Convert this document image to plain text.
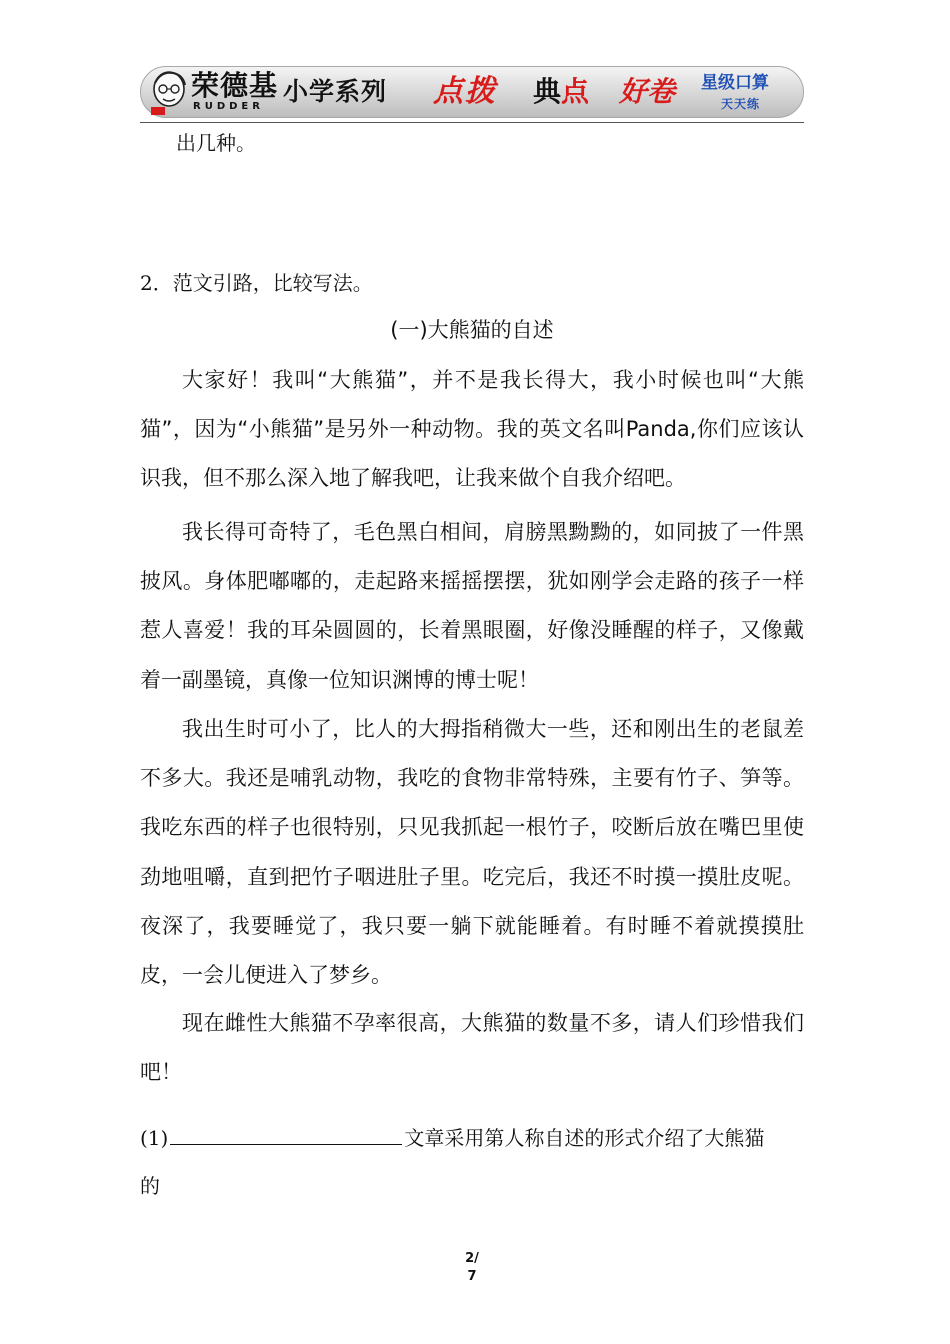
荣德基
RUDDER
小学系列 点拨 典点 好卷 星级口算
天天练
出几种。
2．范文引路，比较写法。
(一)大熊猫的自述

大家好！我叫“大熊猫”，并不是我长得大，我小时候也叫“大熊猫”，因为“小熊猫”是另外一种动物。我的英文名叫Panda,你们应该认识我，但不那么深入地了解我吧，让我来做个自我介绍吧。

我长得可奇特了，毛色黑白相间，肩膀黑黝黝的，如同披了一件黑披风。身体肥嘟嘟的，走起路来摇摇摆摆，犹如刚学会走路的孩子一样惹人喜爱！我的耳朵圆圆的，长着黑眼圈，好像没睡醒的样子，又像戴着一副墨镜，真像一位知识渊博的博士呢！

我出生时可小了，比人的大拇指稍微大一些，还和刚出生的老鼠差不多大。我还是哺乳动物，我吃的食物非常特殊，主要有竹子、笋等。我吃东西的样子也很特别，只见我抓起一根竹子，咬断后放在嘴巴里使劲地咀嚼，直到把竹子咽进肚子里。吃完后，我还不时摸一摸肚皮呢。夜深了，我要睡觉了，我只要一躺下就能睡着。有时睡不着就摸摸肚皮，一会儿便进入了梦乡。

现在雌性大熊猫不孕率很高，大熊猫的数量不多，请人们珍惜我们吧！

(1)	文章采用第人称自述的形式介绍了大熊猫
的
2/
7
